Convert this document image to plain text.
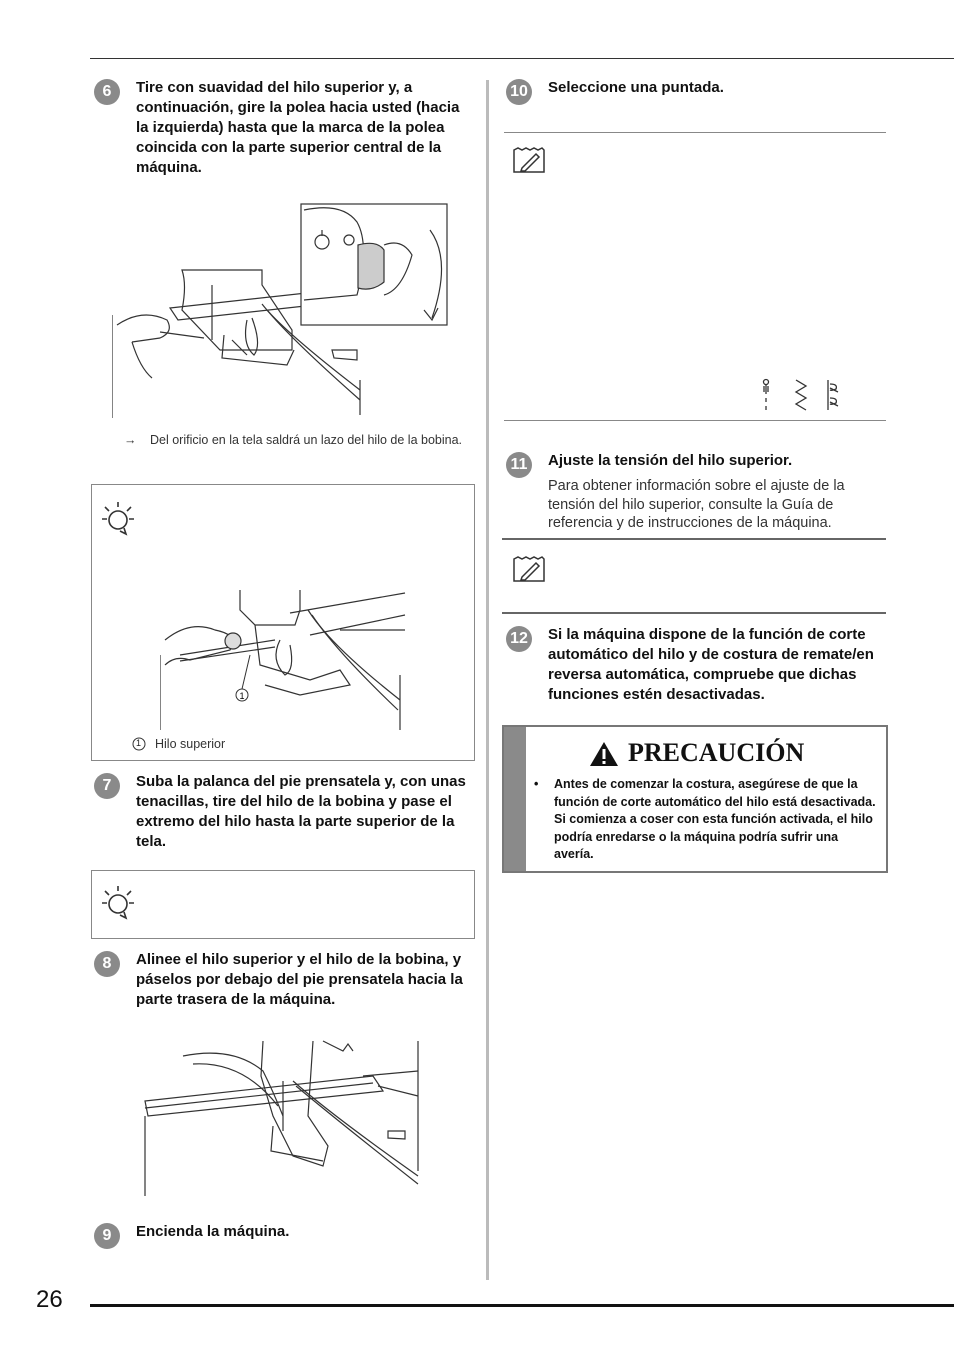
26
6	Tire con suavidad del hilo superior y, a continuación, gire la polea hacia usted (hacia la izquierda) hasta que la marca de la polea coincida con la parte superior central de la máquina.
→ Del orificio en la tela saldrá un lazo del hilo de la bobina.
1
1 Hilo superior
7	Suba la palanca del pie prensatela y, con unas tenacillas, tire del hilo de la bobina y pase el extremo del hilo hasta la parte superior de la tela.
8	Alinee el hilo superior y el hilo de la bobina, y páselos por debajo del pie prensatela hacia la parte trasera de la máquina.
9	Encienda la máquina.
10 Seleccione una puntada.
11	Ajuste la tensión del hilo superior.
Para obtener información sobre el ajuste de la tensión del hilo superior, consulte la Guía de referencia y de instrucciones de la máquina.
12 Si la máquina dispone de la función de corte automático del hilo y de costura de remate/en reversa automática, compruebe que dichas funciones estén desactivadas.
PRECAUCIÓN
• Antes de comenzar la costura, asegúrese de que la función de corte automático del hilo está desactivada. Si comienza a coser con esta función activada, el hilo podría enredarse o la máquina podría sufrir una avería.
